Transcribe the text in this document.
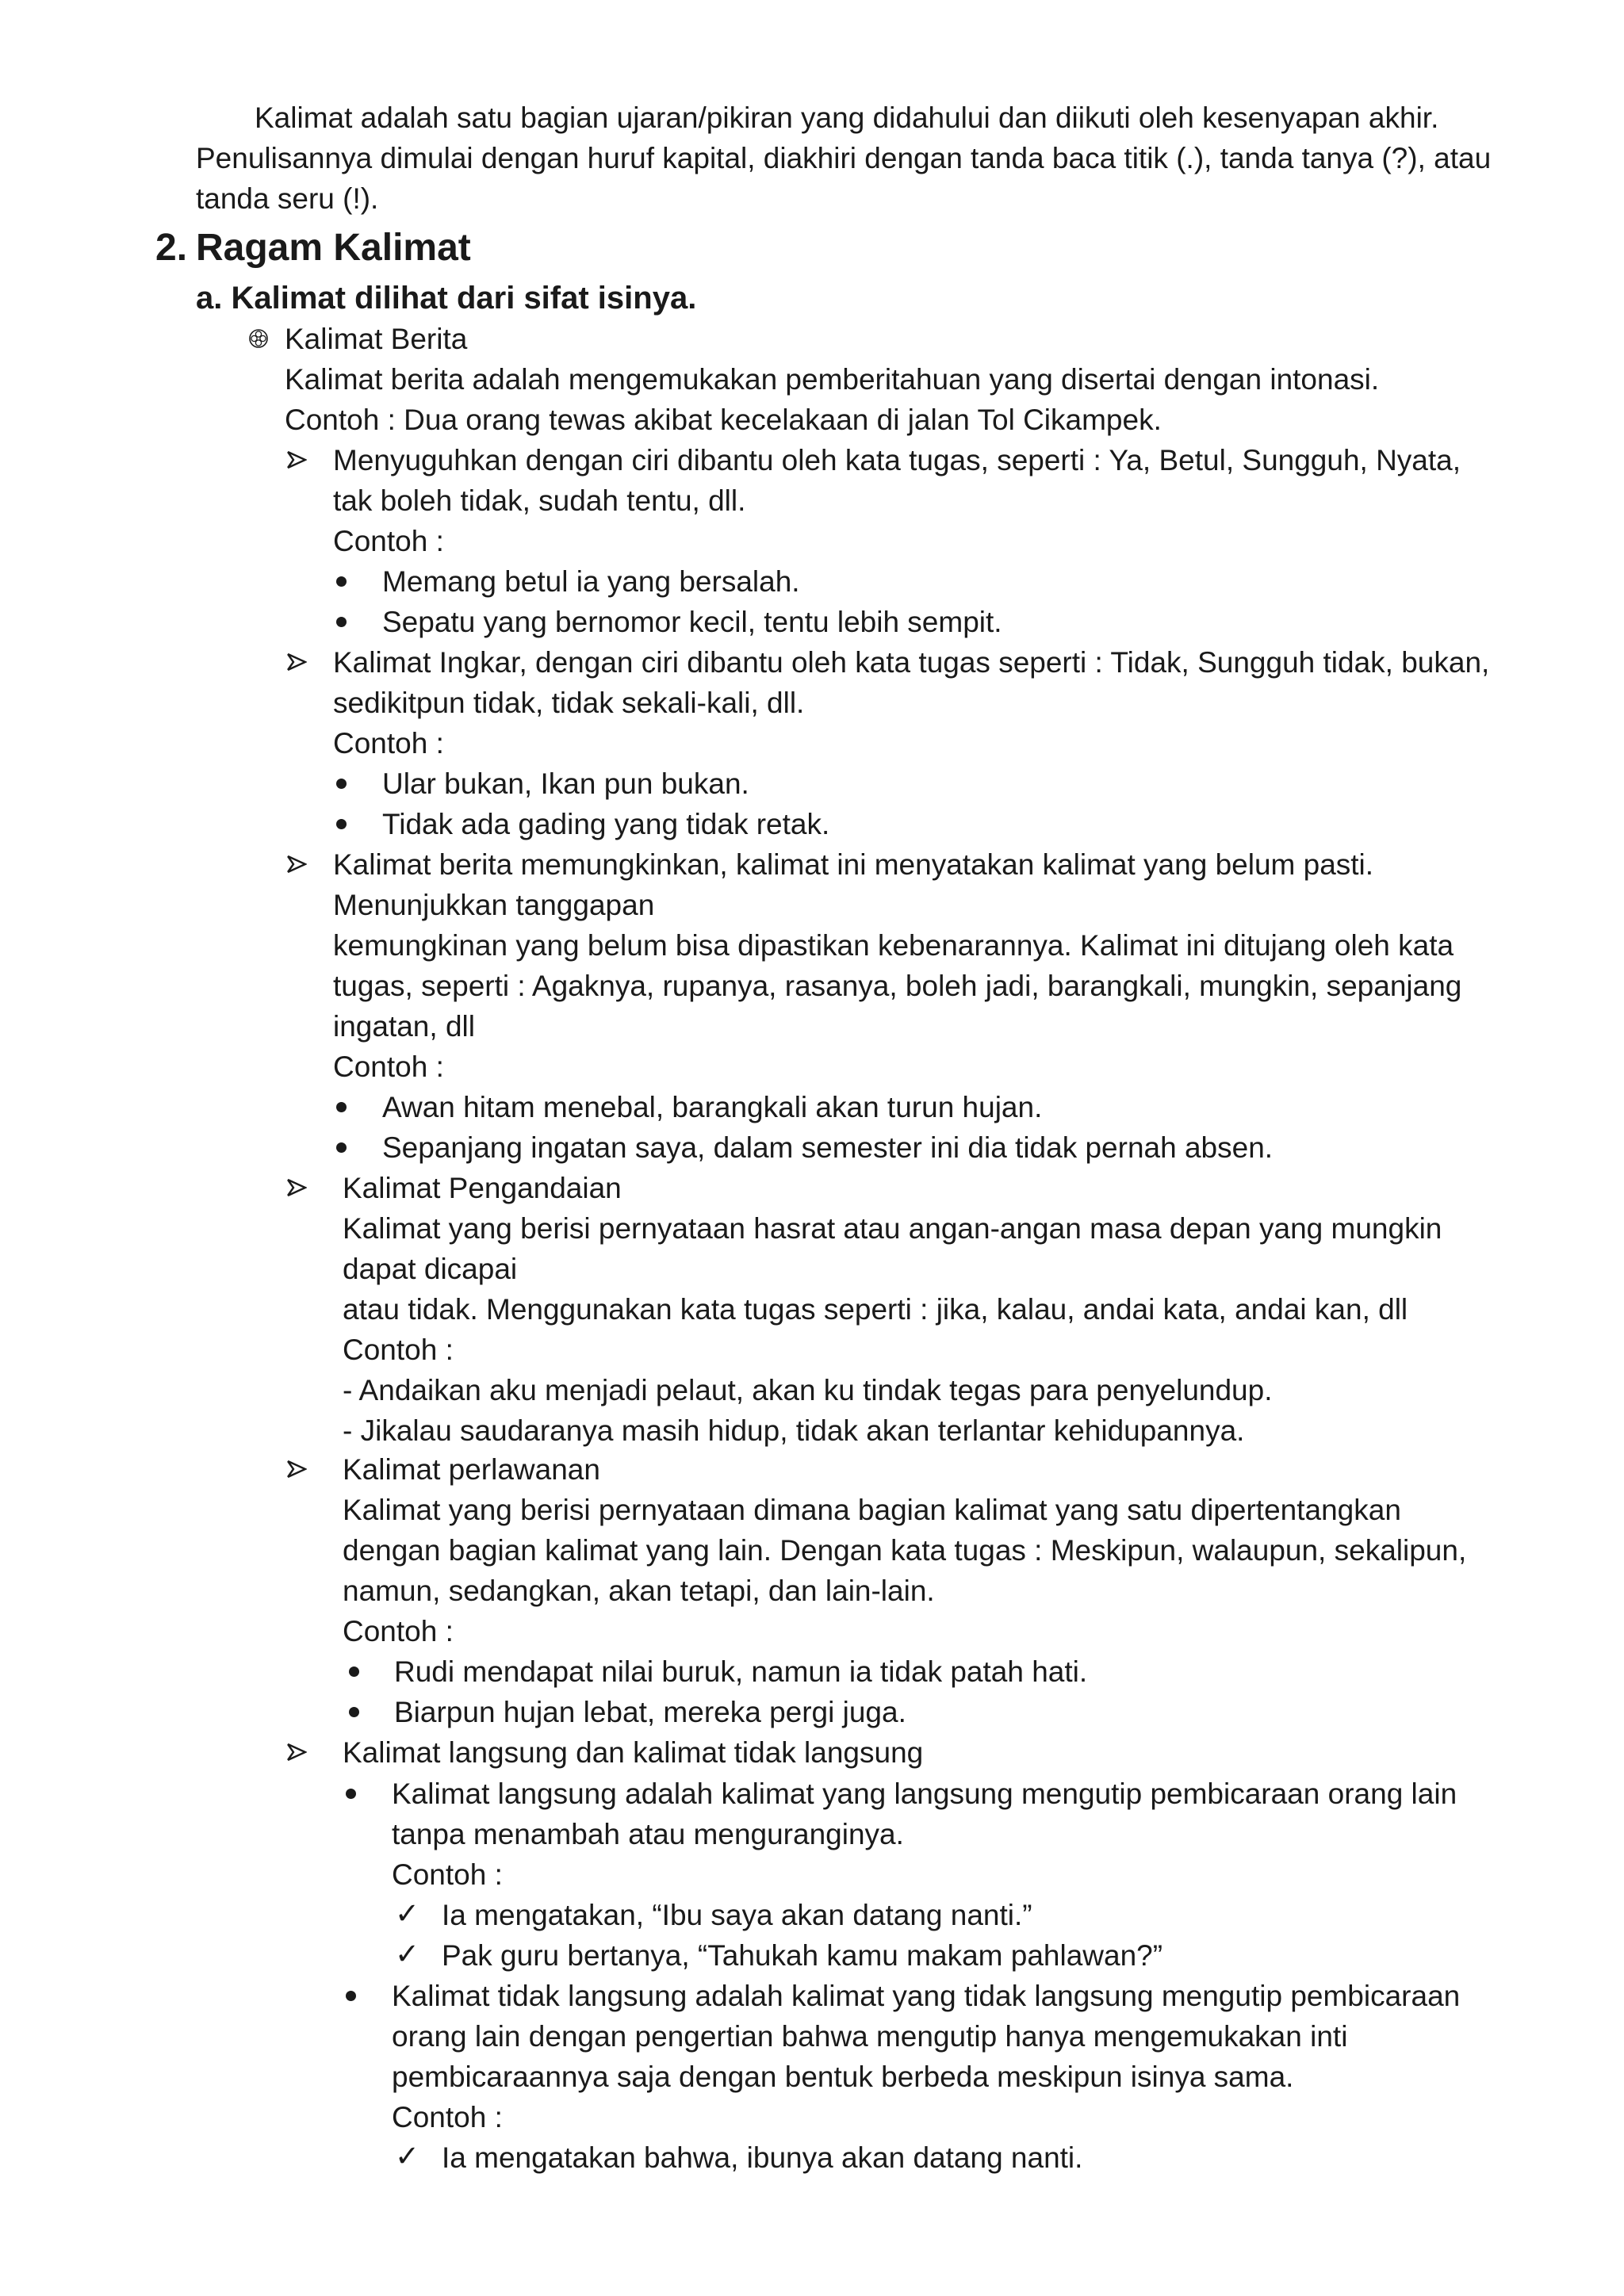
Kalimat adalah satu bagian ujaran/pikiran yang didahului dan diikuti oleh kesenyapan akhir.
Penulisannya dimulai dengan huruf kapital, diakhiri dengan tanda baca titik (.), tanda tanya (?), atau
tanda seru (!).
2. Ragam Kalimat
a. Kalimat dilihat dari sifat isinya.
Kalimat Berita
Kalimat berita adalah mengemukakan pemberitahuan yang disertai dengan intonasi.
Contoh : Dua orang tewas akibat kecelakaan di jalan Tol Cikampek.
Menyuguhkan dengan ciri dibantu oleh kata tugas, seperti : Ya, Betul, Sungguh, Nyata,
tak boleh tidak, sudah tentu, dll.
Contoh :
Memang betul ia yang bersalah.
Sepatu yang bernomor kecil, tentu lebih sempit.
Kalimat Ingkar, dengan ciri dibantu oleh kata tugas seperti : Tidak, Sungguh tidak, bukan,
sedikitpun tidak, tidak sekali-kali, dll.
Contoh :
Ular bukan, Ikan pun bukan.
Tidak ada gading yang tidak retak.
Kalimat berita memungkinkan, kalimat ini menyatakan kalimat yang belum pasti.
Menunjukkan tanggapan
kemungkinan yang belum bisa dipastikan kebenarannya. Kalimat ini ditujang oleh kata
tugas, seperti : Agaknya, rupanya, rasanya, boleh jadi, barangkali, mungkin, sepanjang
ingatan, dll
Contoh :
Awan hitam menebal, barangkali akan turun hujan.
Sepanjang ingatan saya, dalam semester ini dia tidak pernah absen.
Kalimat Pengandaian
Kalimat yang berisi pernyataan hasrat atau angan-angan masa depan yang mungkin
dapat dicapai
atau tidak. Menggunakan kata tugas seperti : jika, kalau, andai kata, andai kan, dll
Contoh :
- Andaikan aku menjadi pelaut, akan ku tindak tegas para penyelundup.
- Jikalau saudaranya masih hidup, tidak akan terlantar kehidupannya.
Kalimat perlawanan
Kalimat yang berisi pernyataan dimana bagian kalimat yang satu dipertentangkan
dengan bagian kalimat yang lain. Dengan kata tugas : Meskipun, walaupun, sekalipun,
namun, sedangkan, akan tetapi, dan lain-lain.
Contoh :
Rudi mendapat nilai buruk, namun ia tidak patah hati.
Biarpun hujan lebat, mereka pergi juga.
Kalimat langsung dan kalimat tidak langsung
Kalimat langsung adalah kalimat yang langsung mengutip pembicaraan orang lain
tanpa menambah atau menguranginya.
Contoh :
✓ Ia mengatakan, “Ibu saya akan datang nanti.”
✓ Pak guru bertanya, “Tahukah kamu makam pahlawan?”
Kalimat tidak langsung adalah kalimat yang tidak langsung mengutip pembicaraan
orang lain dengan pengertian bahwa mengutip hanya mengemukakan inti
pembicaraannya saja dengan bentuk berbeda meskipun isinya sama.
Contoh :
✓ Ia mengatakan bahwa, ibunya akan datang nanti.
